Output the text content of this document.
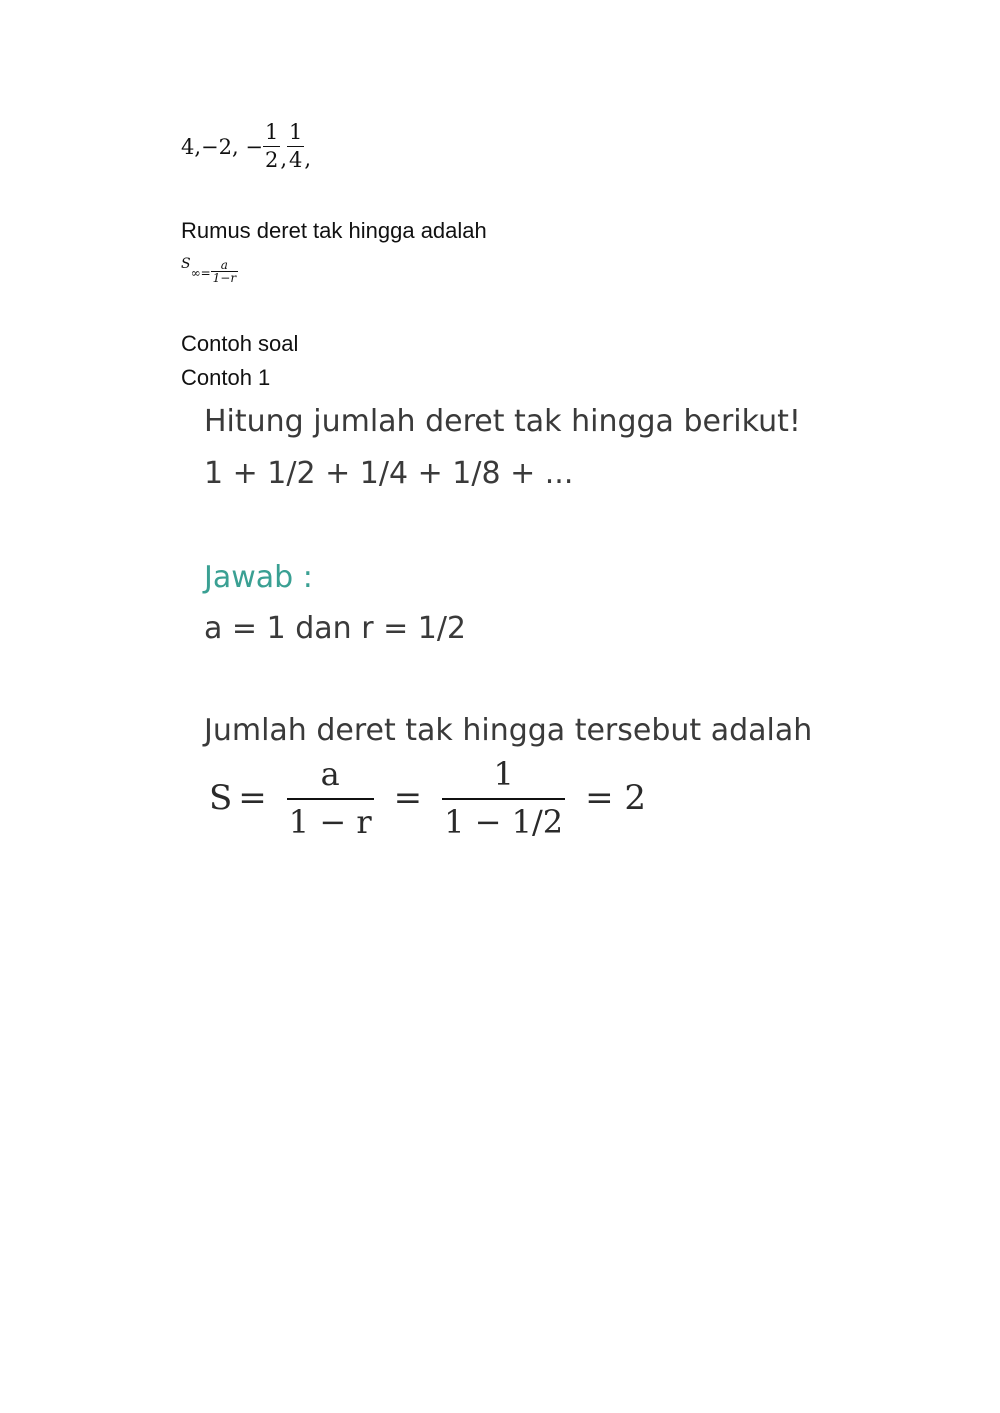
4, −2, − $\frac{1}{2}$ , $\frac{1}{4}$ ,
Rumus deret tak hingga adalah
S
∞ = $\frac{a}{1-r}$
Contoh soal
Contoh 1
Hitung jumlah deret tak hingga berikut!
1 + 1/2 + 1/4 + 1/8 + ...
Jawab :
a = 1 dan r = 1/2
Jumlah deret tak hingga tersebut adalah
$S = \frac{a}{1 - r} = \frac{1}{1 - 1/2} = 2$
